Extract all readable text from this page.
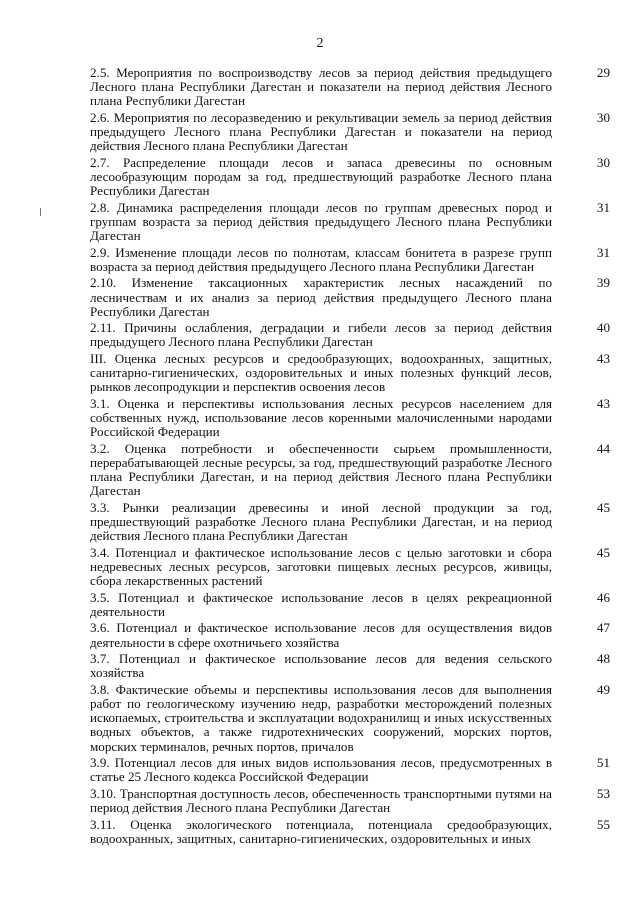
2
2.5. Мероприятия по воспроизводству лесов за период действия предыдущего Лесного плана Республики Дагестан и показатели на период действия Лесного плана Республики Дагестан
29
2.6. Мероприятия по лесоразведению и рекультивации земель за период действия предыдущего Лесного плана Республики Дагестан и показатели на период действия Лесного плана Республики Дагестан
30
2.7. Распределение площади лесов и запаса древесины по основным лесообразующим породам за год, предшествующий разработке Лесного плана Республики Дагестан
30
2.8. Динамика распределения площади лесов по группам древесных пород и группам возраста за период действия предыдущего Лесного плана Республики Дагестан
31
2.9. Изменение площади лесов по полнотам, классам бонитета в разрезе групп возраста за период действия предыдущего Лесного плана Республики Дагестан
31
2.10. Изменение таксационных характеристик лесных насаждений по лесничествам и их анализ за период действия предыдущего Лесного плана Республики Дагестан
39
2.11. Причины ослабления, деградации и гибели лесов за период действия предыдущего Лесного плана Республики Дагестан
40
III. Оценка лесных ресурсов и средообразующих, водоохранных, защитных, санитарно-гигиенических, оздоровительных и иных полезных функций лесов, рынков лесопродукции и перспектив освоения лесов
43
3.1. Оценка и перспективы использования лесных ресурсов населением для собственных нужд, использование лесов коренными малочисленными народами Российской Федерации
43
3.2. Оценка потребности и обеспеченности сырьем промышленности, перерабатывающей лесные ресурсы, за год, предшествующий разработке Лесного плана Республики Дагестан, и на период действия Лесного плана Республики Дагестан
44
3.3. Рынки реализации древесины и иной лесной продукции за год, предшествующий разработке Лесного плана Республики Дагестан, и на период действия Лесного плана Республики Дагестан
45
3.4. Потенциал и фактическое использование лесов с целью заготовки и сбора недревесных лесных ресурсов, заготовки пищевых лесных ресурсов, живицы, сбора лекарственных растений
45
3.5. Потенциал и фактическое использование лесов в целях рекреационной деятельности
46
3.6. Потенциал и фактическое использование лесов для осуществления видов деятельности в сфере охотничьего хозяйства
47
3.7. Потенциал и фактическое использование лесов для ведения сельского хозяйства
48
3.8. Фактические объемы и перспективы использования лесов для выполнения работ по геологическому изучению недр, разработки месторождений полезных ископаемых, строительства и эксплуатации водохранилищ и иных искусственных водных объектов, а также гидротехнических сооружений, морских портов, морских терминалов, речных портов, причалов
49
3.9. Потенциал лесов для иных видов использования лесов, предусмотренных в статье 25 Лесного кодекса Российской Федерации
51
3.10. Транспортная доступность лесов, обеспеченность транспортными путями на период действия Лесного плана Республики Дагестан
53
3.11. Оценка экологического потенциала, потенциала средообразующих, водоохранных, защитных, санитарно-гигиенических, оздоровительных и иных
55
